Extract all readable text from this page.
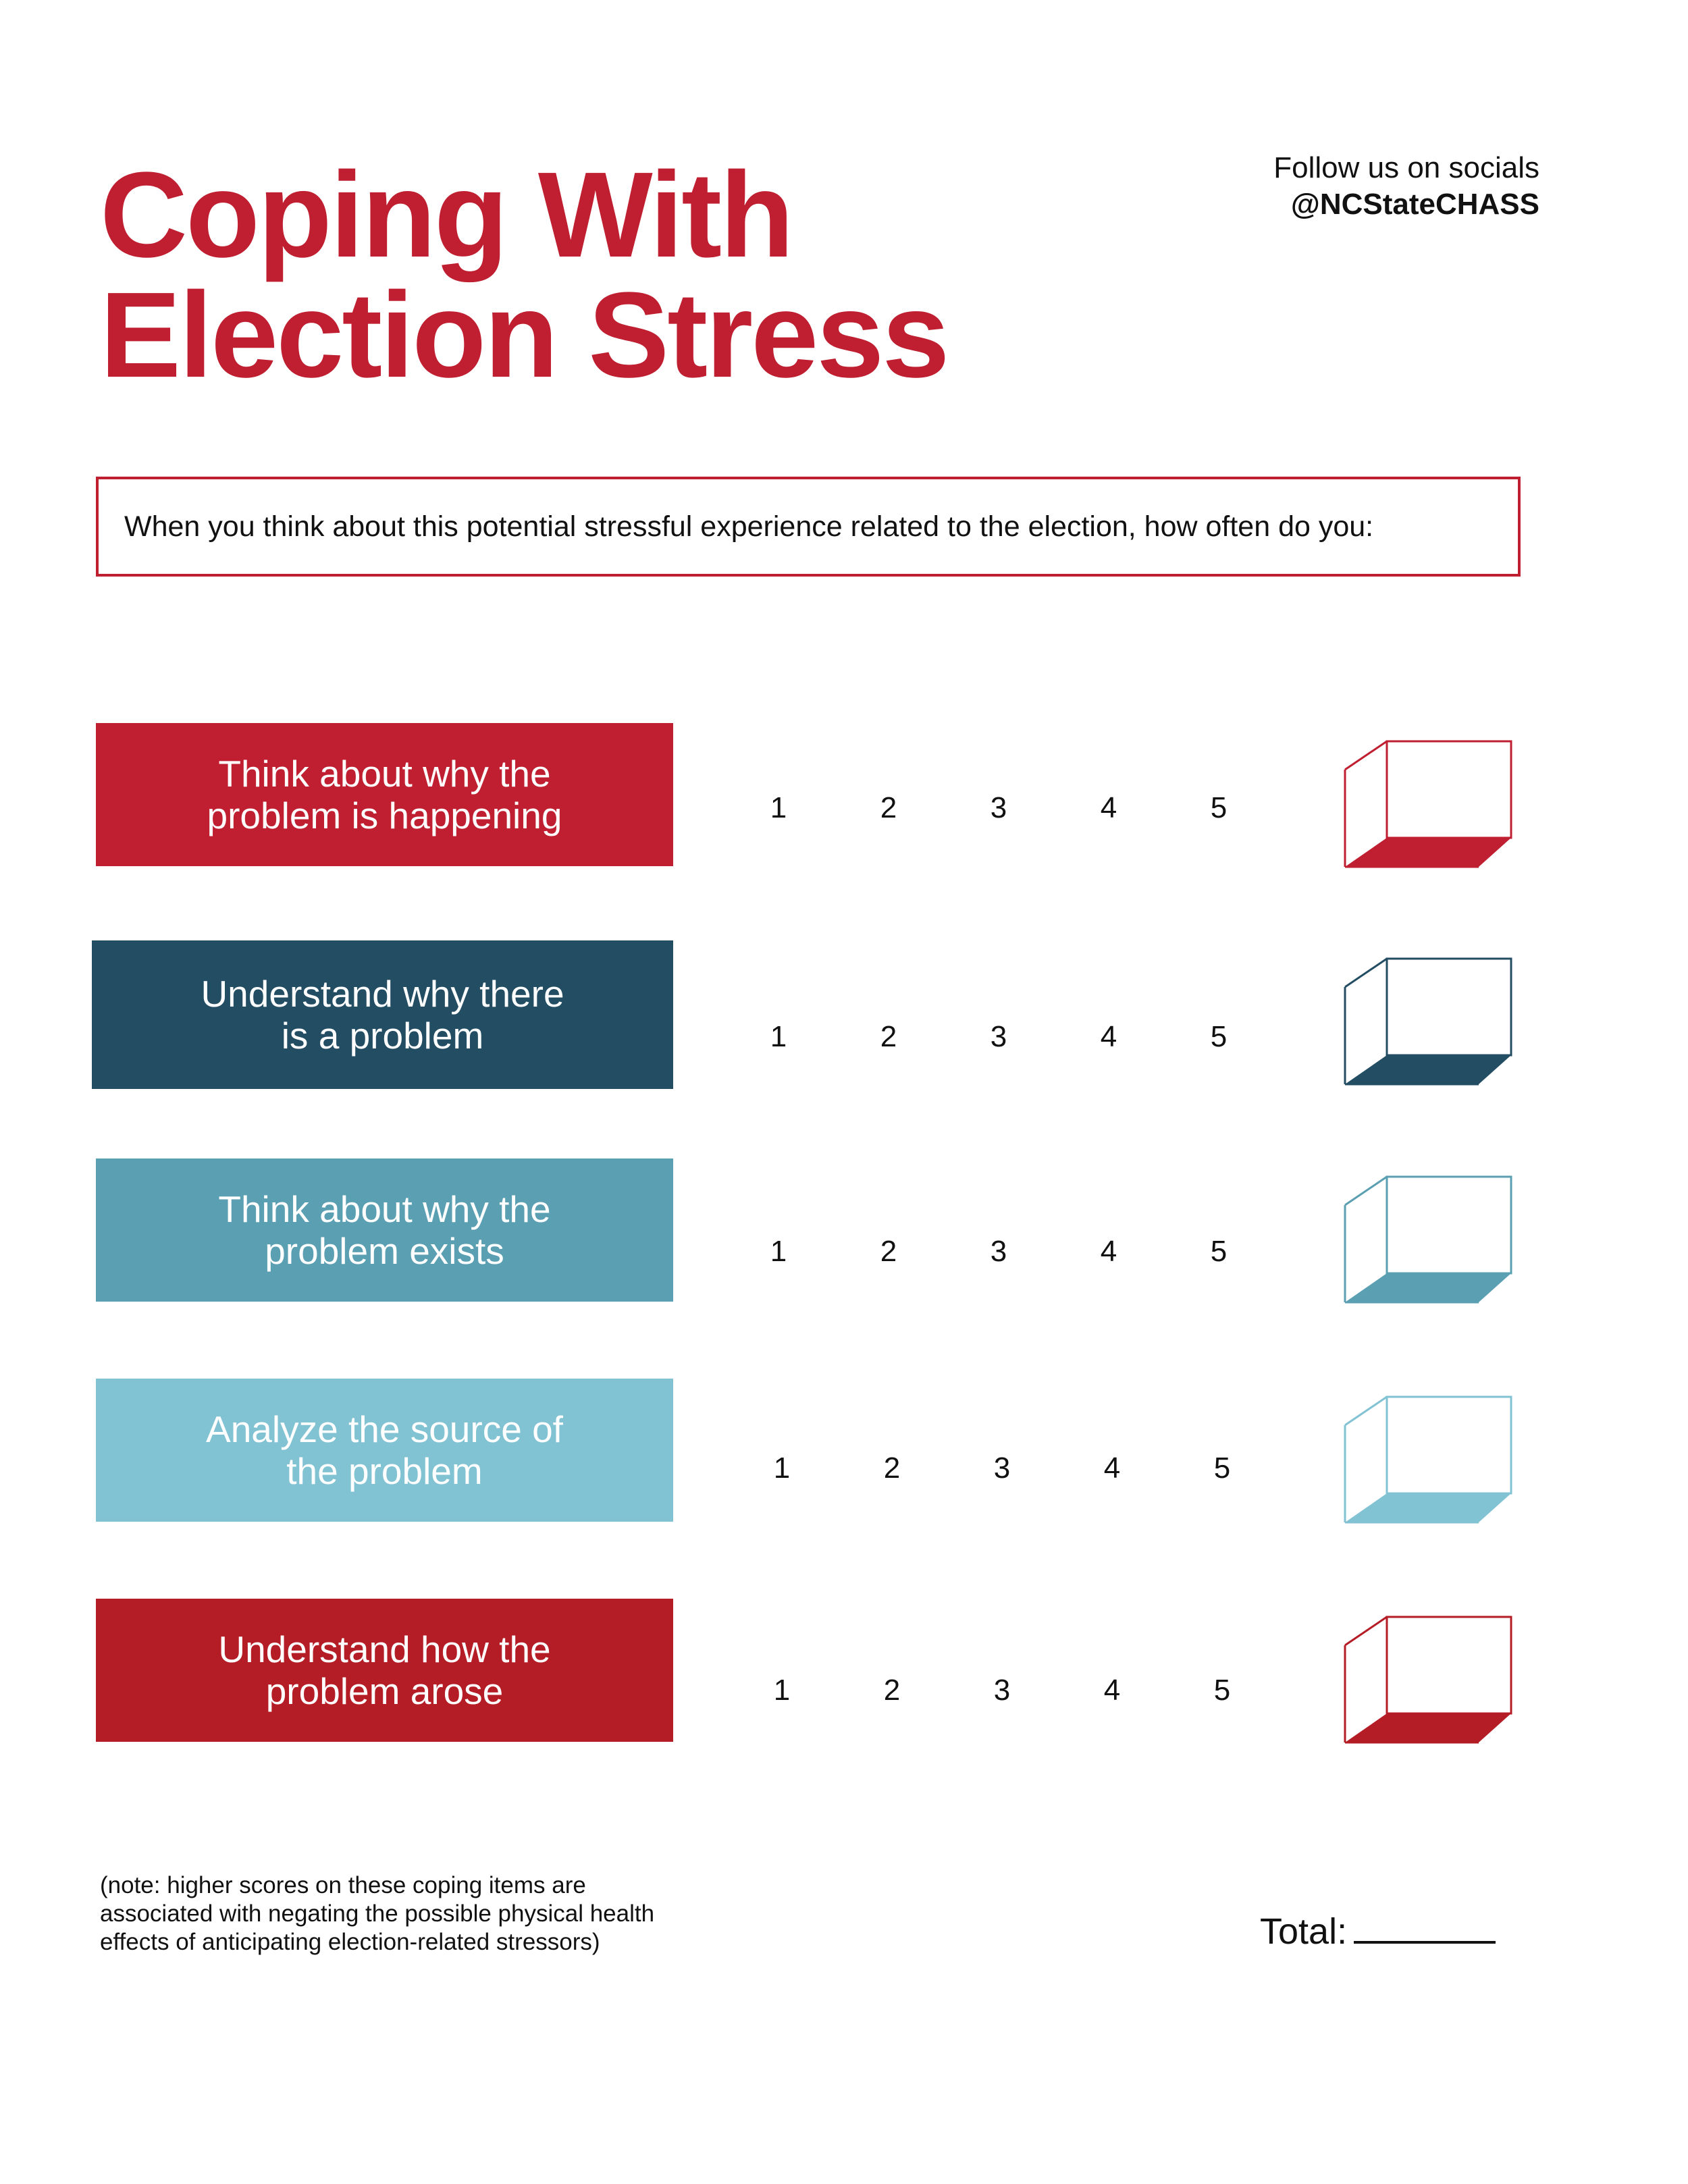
Coping With
Election Stress
Follow us on socials
@NCStateCHASS
When you think about this potential stressful experience related to the election, how often do you:
Think about why the
problem is happening	1	2	3	4	5
Understand why there
is a problem	1	2	3	4	5
Think about why the
problem exists	1	2	3	4	5
Analyze the source of
the problem	1	2	3	4	5
Understand how the
problem arose	1	2	3	4	5
(note: higher scores on these coping items are
associated with negating the possible physical health
effects of anticipating election-related stressors)	Total:
